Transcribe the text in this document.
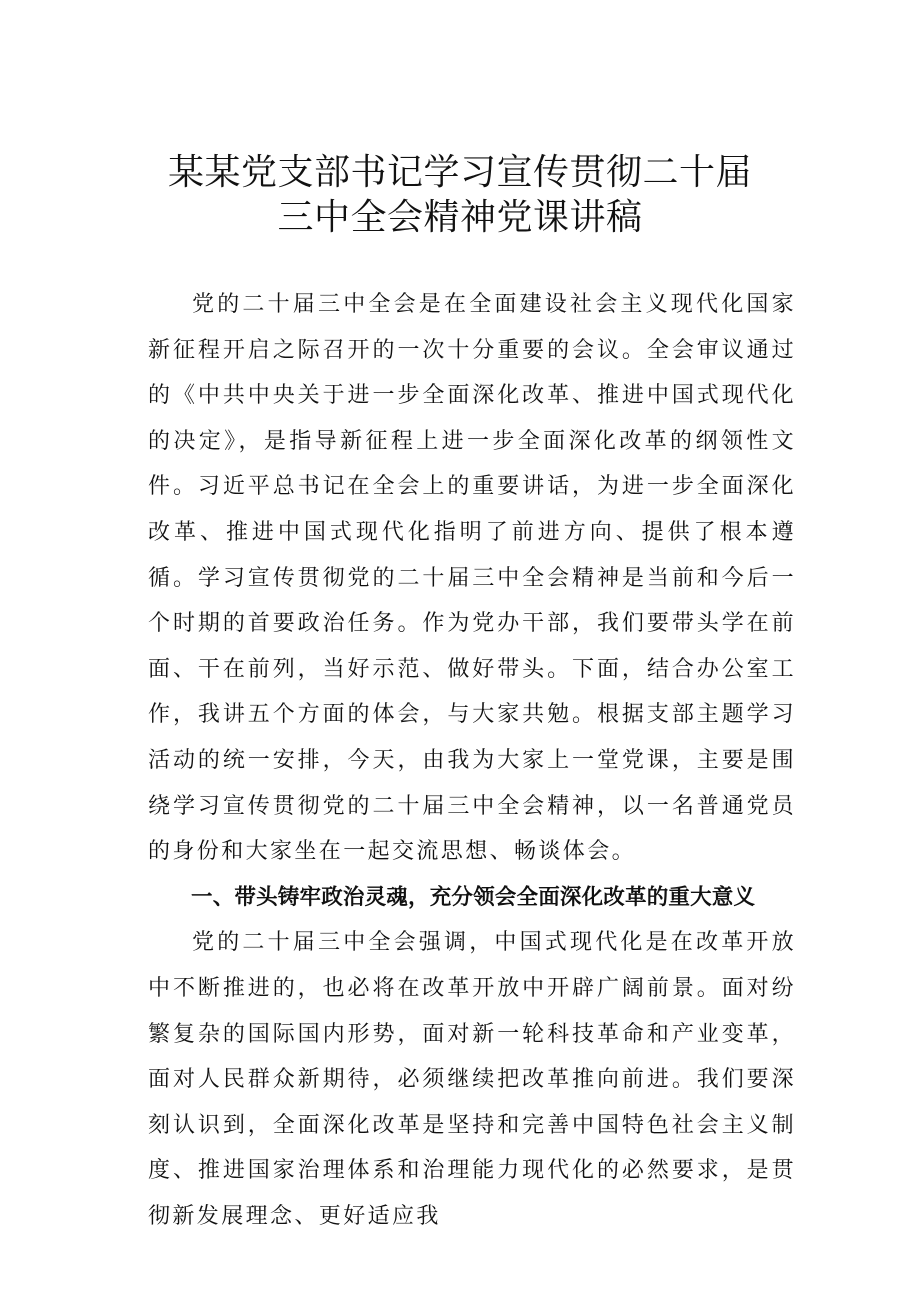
某某党支部书记学习宣传贯彻二十届
三中全会精神党课讲稿

党的二十届三中全会是在全面建设社会主义现代化国家新征程开启之际召开的一次十分重要的会议。全会审议通过的《中共中央关于进一步全面深化改革、推进中国式现代化的决定》，是指导新征程上进一步全面深化改革的纲领性文件。习近平总书记在全会上的重要讲话，为进一步全面深化改革、推进中国式现代化指明了前进方向、提供了根本遵循。学习宣传贯彻党的二十届三中全会精神是当前和今后一个时期的首要政治任务。作为党办干部，我们要带头学在前面、干在前列，当好示范、做好带头。下面，结合办公室工作，我讲五个方面的体会，与大家共勉。根据支部主题学习活动的统一安排，今天，由我为大家上一堂党课，主要是围绕学习宣传贯彻党的二十届三中全会精神，以一名普通党员的身份和大家坐在一起交流思想、畅谈体会。

一、带头铸牢政治灵魂，充分领会全面深化改革的重大意义

党的二十届三中全会强调，中国式现代化是在改革开放中不断推进的，也必将在改革开放中开辟广阔前景。面对纷繁复杂的国际国内形势，面对新一轮科技革命和产业变革，面对人民群众新期待，必须继续把改革推向前进。我们要深刻认识到，全面深化改革是坚持和完善中国特色社会主义制度、推进国家治理体系和治理能力现代化的必然要求，是贯彻新发展理念、更好适应我
